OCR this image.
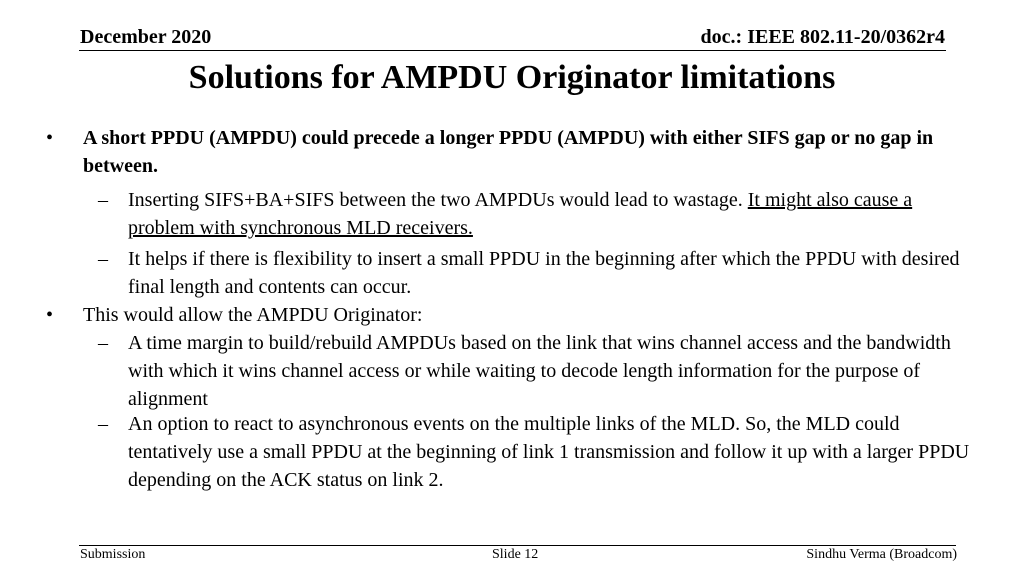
December 2020	doc.: IEEE 802.11-20/0362r4
Solutions for AMPDU Originator limitations
• A short PPDU (AMPDU) could precede a longer PPDU (AMPDU) with either SIFS gap or no gap in between.
– Inserting SIFS+BA+SIFS between the two AMPDUs would lead to wastage. It might also cause a problem with synchronous MLD receivers.
– It helps if there is flexibility to insert a small PPDU in the beginning after which the PPDU with desired final length and contents can occur.
• This would allow the AMPDU Originator:
– A time margin to build/rebuild AMPDUs based on the link that wins channel access and the bandwidth with which it wins channel access or while waiting to decode length information for the purpose of alignment
– An option to react to asynchronous events on the multiple links of the MLD. So, the MLD could tentatively use a small PPDU at the beginning of link 1 transmission and follow it up with a larger PPDU depending on the ACK status on link 2.
Submission	Slide 12	Sindhu Verma (Broadcom)
